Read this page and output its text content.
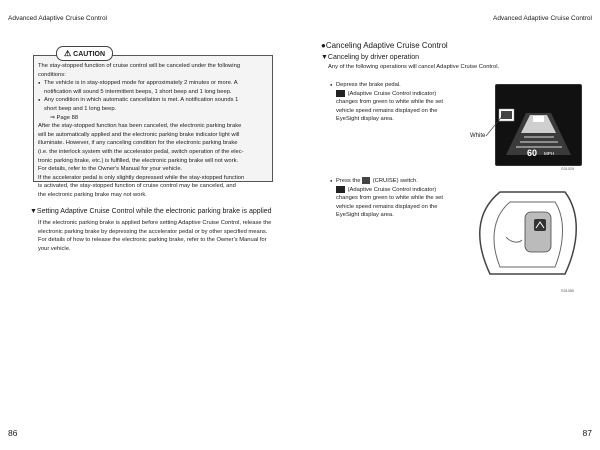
Advanced Adaptive Cruise Control	Advanced Adaptive Cruise Control
⚠ CAUTION
The stay-stopped function of cruise control will be canceled under the following
conditions:
● The vehicle is in stay-stopped mode for approximately 2 minutes or more. A
notification will sound 5 intermittent beeps, 1 short beep and 1 long beep.
● Any condition in which automatic cancellation is met. A notification sounds 1
short beep and 1 long beep.
⇒ Page 88
After the stay-stopped function has been canceled, the electronic parking brake
will be automatically applied and the electronic parking brake indicator light will
illuminate. However, if any canceling condition for the electronic parking brake
(i.e. the interlock system with the accelerator pedal, switch operation of the elec-
tronic parking brake, etc.) is fulfilled, the electronic parking brake will not work.
For details, refer to the Owner's Manual for your vehicle.
If the accelerator pedal is only slightly depressed while the stay-stopped function
is activated, the stay-stopped function of cruise control may be canceled, and
the electronic parking brake may not work.
▼Setting Adaptive Cruise Control while the electronic parking brake is applied
If the electronic parking brake is applied before setting Adaptive Cruise Control, release the
electronic parking brake by depressing the accelerator pedal or by other specified means.
For details of how to release the electronic parking brake, refer to the Owner's Manual for
your vehicle.
●Canceling Adaptive Cruise Control
▼Canceling by driver operation
Any of the following operations will cancel Adaptive Cruise Control.
● Depress the brake pedal.
(Adaptive Cruise Control indicator)
changes from green to white while the set
vehicle speed remains displayed on the
EyeSight display area.
60 MPH
White
S31029
● Press the (CRUISE) switch.
(Adaptive Cruise Control indicator)
changes from green to white while the set
vehicle speed remains displayed on the
EyeSight display area.
S31350
86	87
